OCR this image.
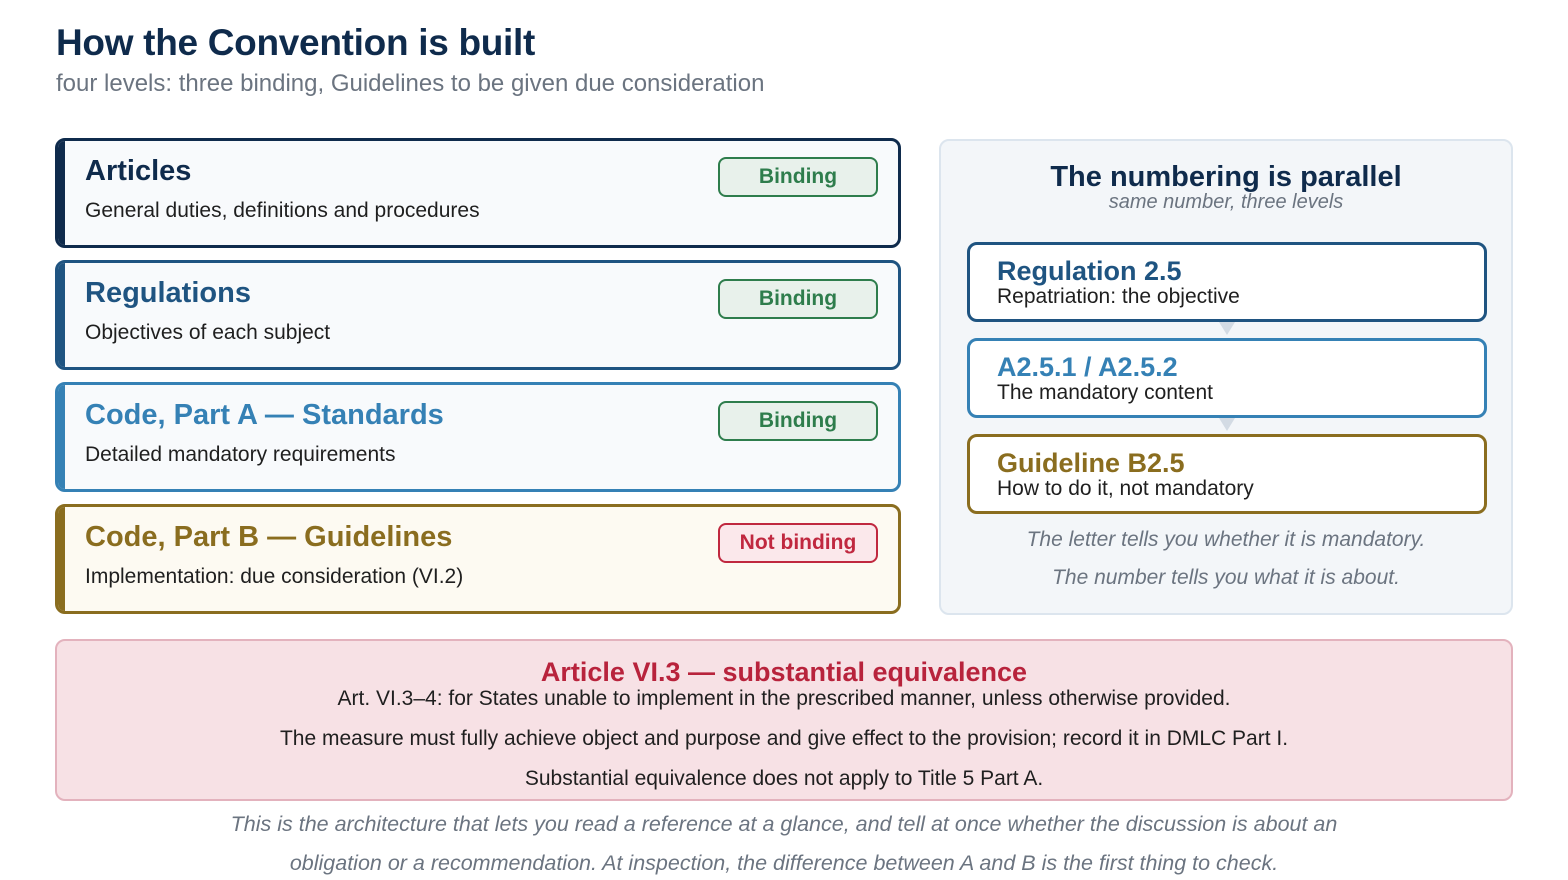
How the Convention is built
four levels: three binding, Guidelines to be given due consideration
Articles
General duties, definitions and procedures
Binding
Regulations
Objectives of each subject
Binding
Code, Part A — Standards
Detailed mandatory requirements
Binding
Code, Part B — Guidelines
Implementation: due consideration (VI.2)
Not binding
The numbering is parallel
same number, three levels
Regulation 2.5
Repatriation: the objective
A2.5.1 / A2.5.2
The mandatory content
Guideline B2.5
How to do it, not mandatory
The letter tells you whether it is mandatory.
The number tells you what it is about.
Article VI.3 — substantial equivalence
Art. VI.3–4: for States unable to implement in the prescribed manner, unless otherwise provided.
The measure must fully achieve object and purpose and give effect to the provision; record it in DMLC Part I.
Substantial equivalence does not apply to Title 5 Part A.
This is the architecture that lets you read a reference at a glance, and tell at once whether the discussion is about an
obligation or a recommendation. At inspection, the difference between A and B is the first thing to check.
